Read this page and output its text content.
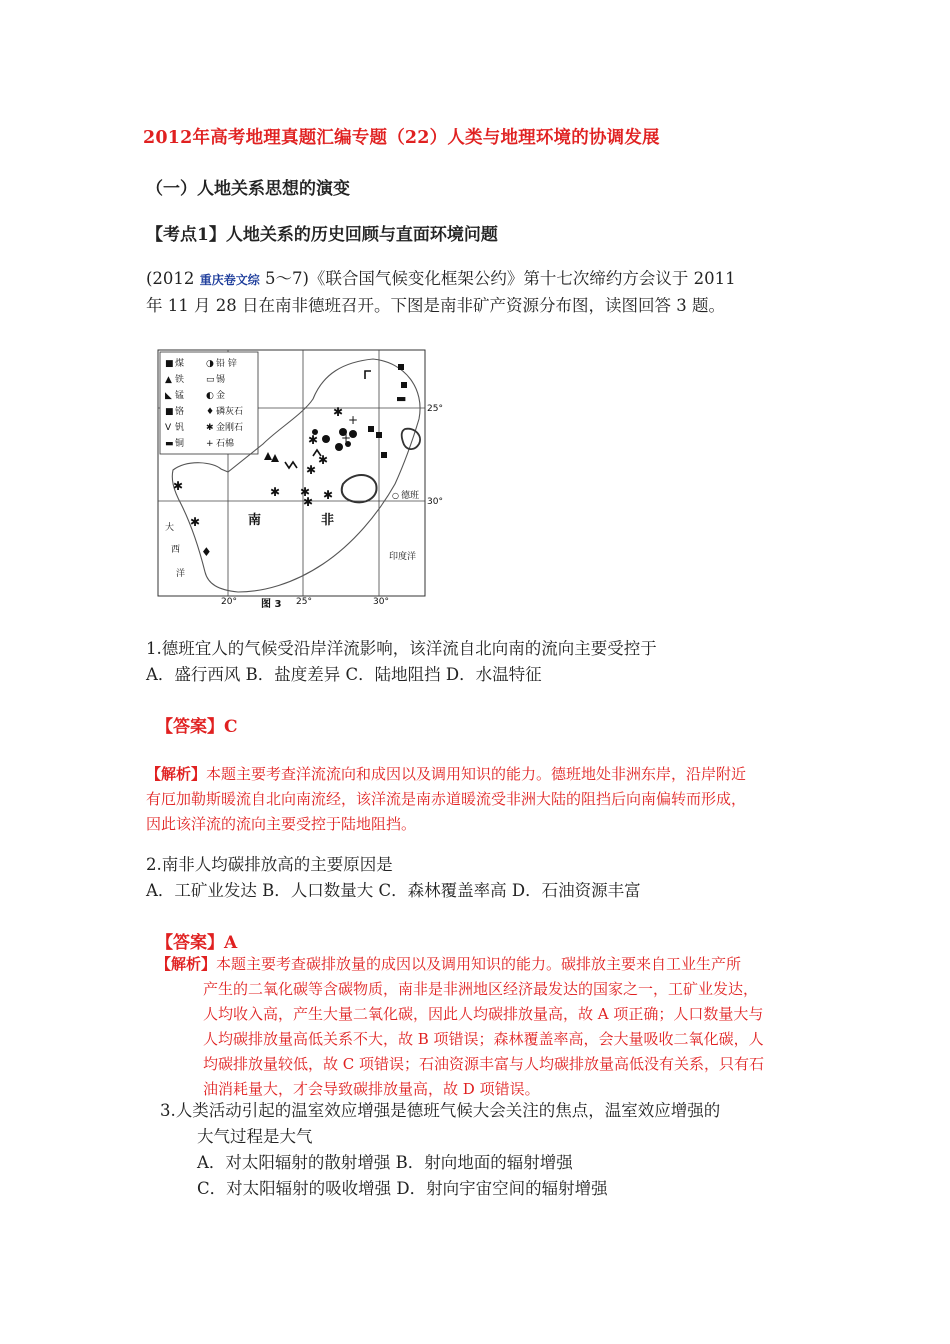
2012年高考地理真题汇编专题（22）人类与地理环境的协调发展
（一）人地关系思想的演变
【考点1】人地关系的历史回顾与直面环境问题
(2012 重庆卷文综 5～7)《联合国气候变化框架公约》第十七次缔约方会议于 2011
年 11 月 28 日在南非德班召开。下图是南非矿产资源分布图，读图回答 3 题。
✱
✱
✱ ✱
✱
✱
✱
✱
✱
✱
+
+
♦
▬
■ 煤
▲ 铁
◣ 锰
■ 铬
V 钒
▬ 铜
◑ 铅 锌
▭ 锡
◐ 金
♦ 磷灰石
✱ 金刚石
+ 石棉
25°
30°
20°	25°	30°
○ 德班
印度洋
大
西
洋
南	非
图 3
1.德班宜人的气候受沿岸洋流影响，该洋流自北向南的流向主要受控于
A．盛行西风 B．盐度差异 C．陆地阻挡 D．水温特征
【答案】C
【解析】本题主要考查洋流流向和成因以及调用知识的能力。德班地处非洲东岸，沿岸附近
有厄加勒斯暖流自北向南流经，该洋流是南赤道暖流受非洲大陆的阻挡后向南偏转而形成，
因此该洋流的流向主要受控于陆地阻挡。
2.南非人均碳排放高的主要原因是
A．工矿业发达 B．人口数量大 C．森林覆盖率高 D．石油资源丰富
【答案】A
【解析】本题主要考查碳排放量的成因以及调用知识的能力。碳排放主要来自工业生产所
产生的二氧化碳等含碳物质，南非是非洲地区经济最发达的国家之一，工矿业发达，
人均收入高，产生大量二氧化碳，因此人均碳排放量高，故 A 项正确；人口数量大与
人均碳排放量高低关系不大，故 B 项错误；森林覆盖率高，会大量吸收二氧化碳，人
均碳排放量较低，故 C 项错误；石油资源丰富与人均碳排放量高低没有关系，只有石
油消耗量大，才会导致碳排放量高，故 D 项错误。
3.人类活动引起的温室效应增强是德班气候大会关注的焦点，温室效应增强的
大气过程是大气
A．对太阳辐射的散射增强 B．射向地面的辐射增强
C．对太阳辐射的吸收增强 D．射向宇宙空间的辐射增强
